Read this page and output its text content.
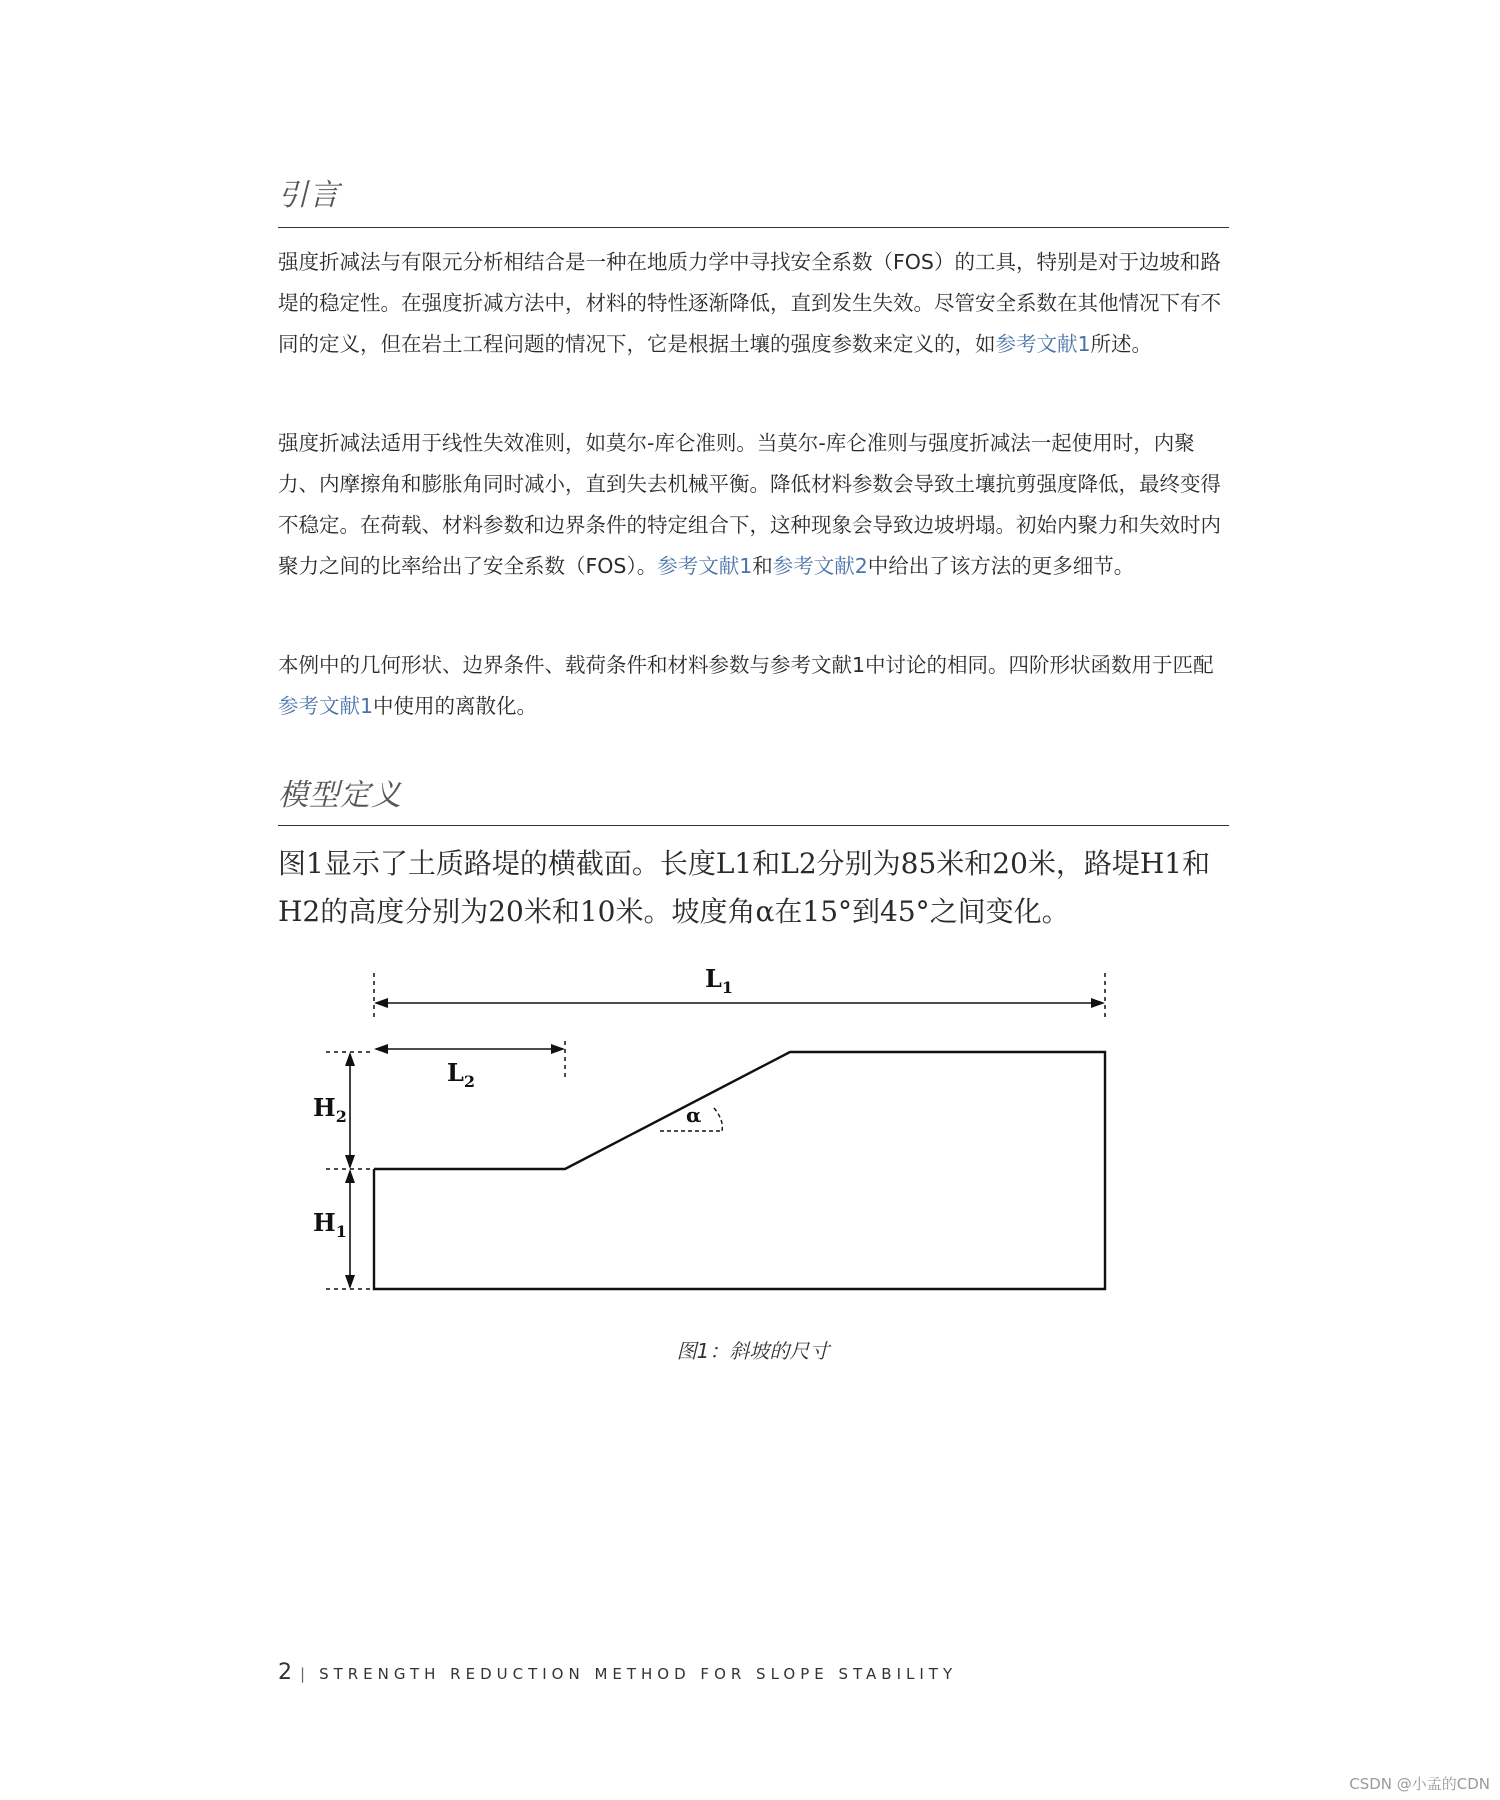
引言

强度折减法与有限元分析相结合是一种在地质力学中寻找安全系数（FOS）的工具，特别是对于边坡和路堤的稳定性。在强度折减方法中，材料的特性逐渐降低，直到发生失效。尽管安全系数在其他情况下有不同的定义，但在岩土工程问题的情况下，它是根据土壤的强度参数来定义的，如参考文献1所述。

强度折减法适用于线性失效准则，如莫尔-库仑准则。当莫尔-库仑准则与强度折减法一起使用时，内聚力、内摩擦角和膨胀角同时减小，直到失去机械平衡。降低材料参数会导致土壤抗剪强度降低，最终变得不稳定。在荷载、材料参数和边界条件的特定组合下，这种现象会导致边坡坍塌。初始内聚力和失效时内聚力之间的比率给出了安全系数（FOS）。参考文献1和参考文献2中给出了该方法的更多细节。

本例中的几何形状、边界条件、载荷条件和材料参数与参考文献1中讨论的相同。四阶形状函数用于匹配参考文献1中使用的离散化。

模型定义

图1显示了土质路堤的横截面。长度L1和L2分别为85米和20米，路堤H1和H2的高度分别为20米和10米。坡度角α在15°到45°之间变化。

$L_1$
$L_2$
$H_2$
$H_1$
α
图1：斜坡的尺寸
2 | STRENGTH REDUCTION METHOD FOR SLOPE STABILITY
CSDN @小孟的CDN
